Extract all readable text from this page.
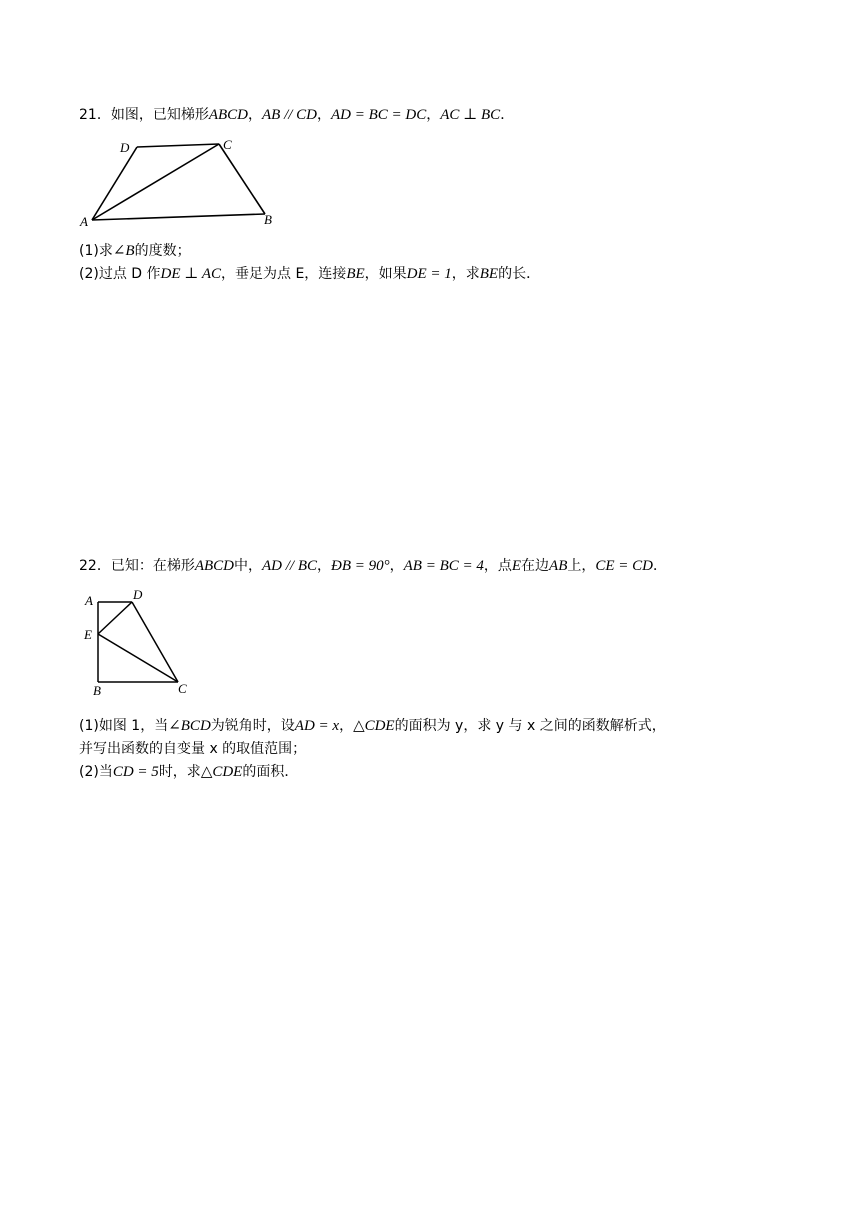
21．如图，已知梯形ABCD，AB // CD，AD = BC = DC，AC ⊥ BC．
A	B
C
D
(1)求∠B的度数；
(2)过点 D 作DE ⊥ AC，垂足为点 E，连接BE，如果DE = 1，求BE的长．
22．已知：在梯形ABCD中，AD // BC，ÐB = 90°，AB = BC = 4，点E在边AB上，CE = CD．
A	D
E
B	C
(1)如图 1，当∠BCD为锐角时，设AD = x，△CDE的面积为 y，求 y 与 x 之间的函数解析式，
并写出函数的自变量 x 的取值范围；
(2)当CD = 5时，求△CDE的面积．
